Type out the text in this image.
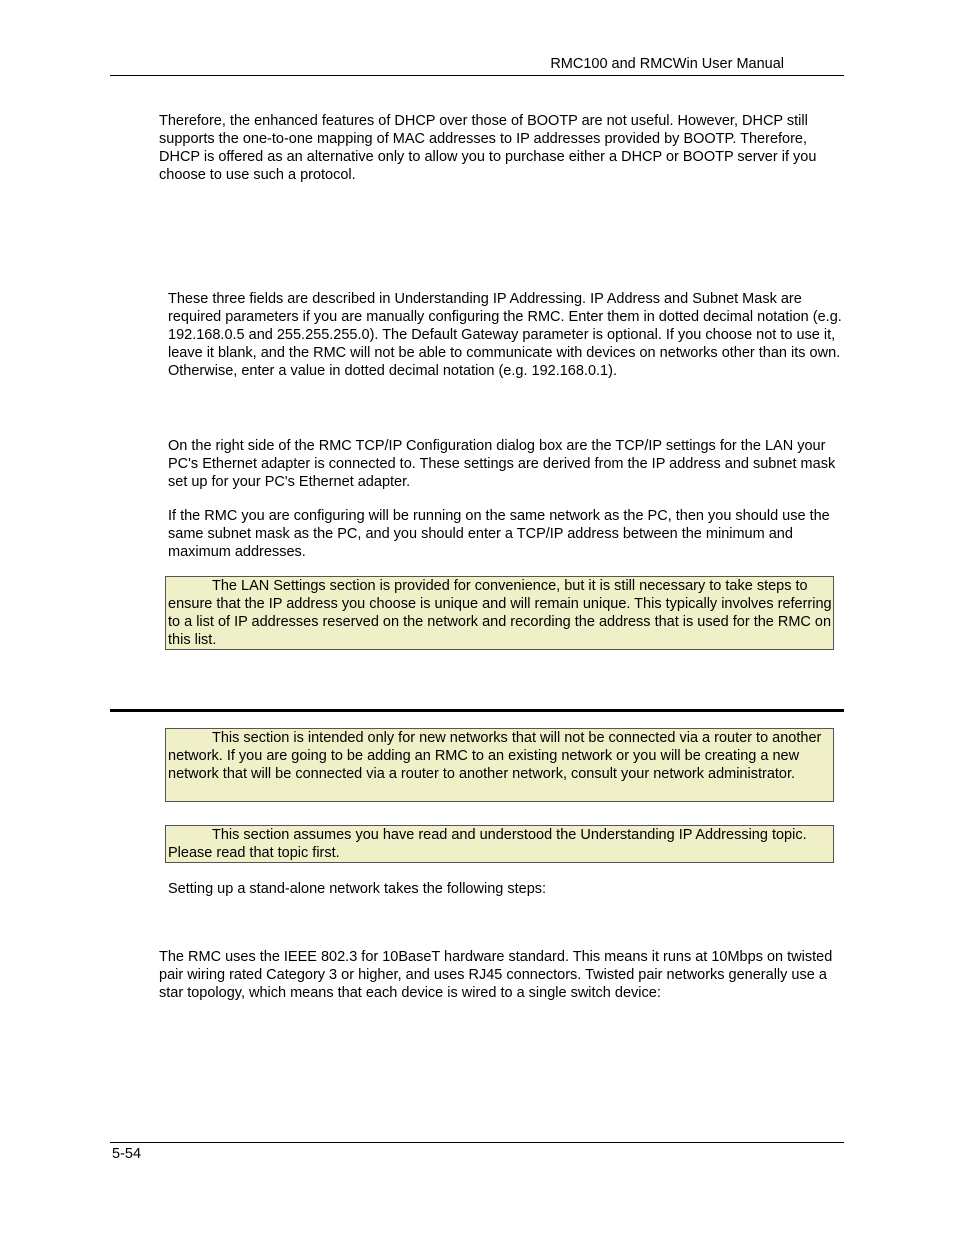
RMC100 and RMCWin User Manual

Therefore, the enhanced features of DHCP over those of BOOTP are not useful. However, DHCP still supports the one-to-one mapping of MAC addresses to IP addresses provided by BOOTP. Therefore, DHCP is offered as an alternative only to allow you to purchase either a DHCP or BOOTP server if you choose to use such a protocol.

These three fields are described in Understanding IP Addressing. IP Address and Subnet Mask are required parameters if you are manually configuring the RMC. Enter them in dotted decimal notation (e.g. 192.168.0.5 and 255.255.255.0). The Default Gateway parameter is optional. If you choose not to use it, leave it blank, and the RMC will not be able to communicate with devices on networks other than its own. Otherwise, enter a value in dotted decimal notation (e.g. 192.168.0.1).

On the right side of the RMC TCP/IP Configuration dialog box are the TCP/IP settings for the LAN your PC's Ethernet adapter is connected to. These settings are derived from the IP address and subnet mask set up for your PC's Ethernet adapter.

If the RMC you are configuring will be running on the same network as the PC, then you should use the same subnet mask as the PC, and you should enter a TCP/IP address between the minimum and maximum addresses.

The LAN Settings section is provided for convenience, but it is still necessary to take steps to ensure that the IP address you choose is unique and will remain unique. This typically involves referring to a list of IP addresses reserved on the network and recording the address that is used for the RMC on this list.
This section is intended only for new networks that will not be connected via a router to another network. If you are going to be adding an RMC to an existing network or you will be creating a new network that will be connected via a router to another network, consult your network administrator.
This section assumes you have read and understood the Understanding IP Addressing topic. Please read that topic first.

Setting up a stand-alone network takes the following steps:

The RMC uses the IEEE 802.3 for 10BaseT hardware standard. This means it runs at 10Mbps on twisted pair wiring rated Category 3 or higher, and uses RJ45 connectors. Twisted pair networks generally use a star topology, which means that each device is wired to a single switch device:

5-54
